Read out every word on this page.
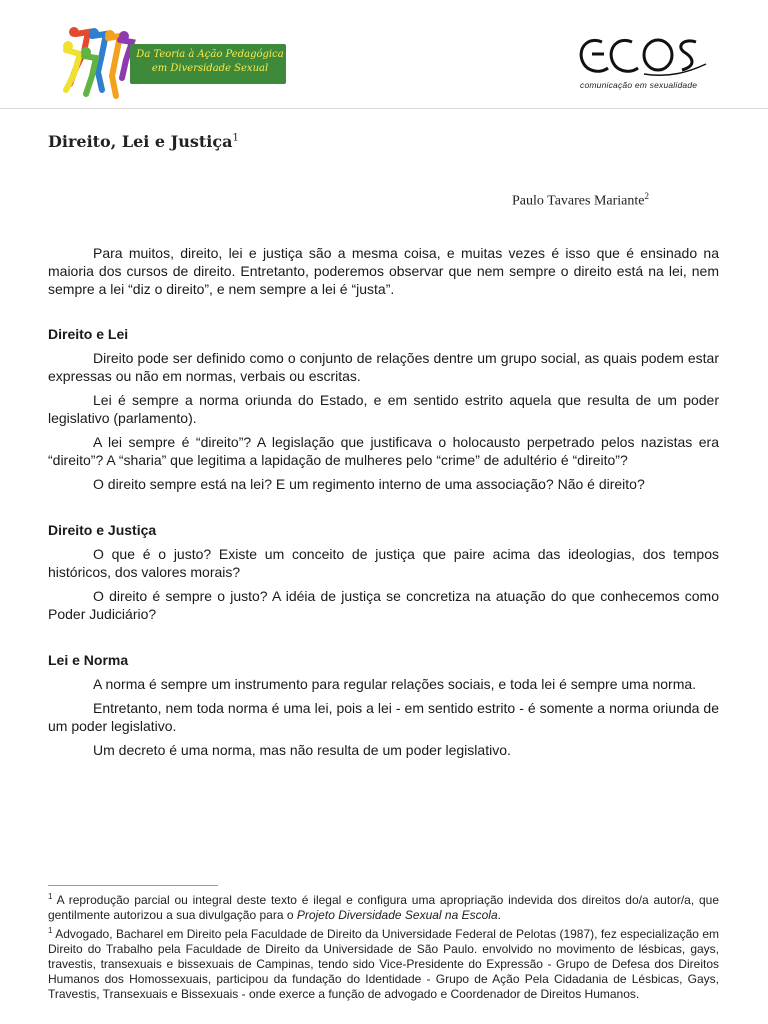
Da Teoria à Ação Pedagógica
em Diversidade Sexual
comunicação em sexualidade
Direito, Lei e Justiça$^1$
Paulo Tavares Mariante$^2$

Para muitos, direito, lei e justiça são a mesma coisa, e muitas vezes é isso que é ensinado na maioria dos cursos de direito. Entretanto, poderemos observar que nem sempre o direito está na lei, nem sempre a lei “diz o direito”, e nem sempre a lei é “justa”.

Direito e Lei

Direito pode ser definido como o conjunto de relações dentre um grupo social, as quais podem estar expressas ou não em normas, verbais ou escritas.

Lei é sempre a norma oriunda do Estado, e em sentido estrito aquela que resulta de um poder legislativo (parlamento).

A lei sempre é “direito”? A legislação que justificava o holocausto perpetrado pelos nazistas era “direito”? A “sharia” que legitima a lapidação de mulheres pelo “crime” de adultério é “direito”?

O direito sempre está na lei? E um regimento interno de uma associação? Não é direito?

Direito e Justiça

O que é o justo? Existe um conceito de justiça que paire acima das ideologias, dos tempos históricos, dos valores morais?

O direito é sempre o justo? A idéia de justiça se concretiza na atuação do que conhecemos como Poder Judiciário?

Lei e Norma

A norma é sempre um instrumento para regular relações sociais, e toda lei é sempre uma norma.

Entretanto, nem toda norma é uma lei, pois a lei - em sentido estrito - é somente a norma oriunda de um poder legislativo.

Um decreto é uma norma, mas não resulta de um poder legislativo.

$^1$ A reprodução parcial ou integral deste texto é ilegal e configura uma apropriação indevida dos direitos do/a autor/a, que gentilmente autorizou a sua divulgação para o Projeto Diversidade Sexual na Escola.

$^1$ Advogado, Bacharel em Direito pela Faculdade de Direito da Universidade Federal de Pelotas (1987), fez especialização em Direito do Trabalho pela Faculdade de Direito da Universidade de São Paulo. envolvido no movimento de lésbicas, gays, travestis, transexuais e bissexuais de Campinas, tendo sido Vice-Presidente do Expressão - Grupo de Defesa dos Direitos Humanos dos Homossexuais, participou da fundação do Identidade - Grupo de Ação Pela Cidadania de Lésbicas, Gays, Travestis, Transexuais e Bissexuais - onde exerce a função de advogado e Coordenador de Direitos Humanos.
